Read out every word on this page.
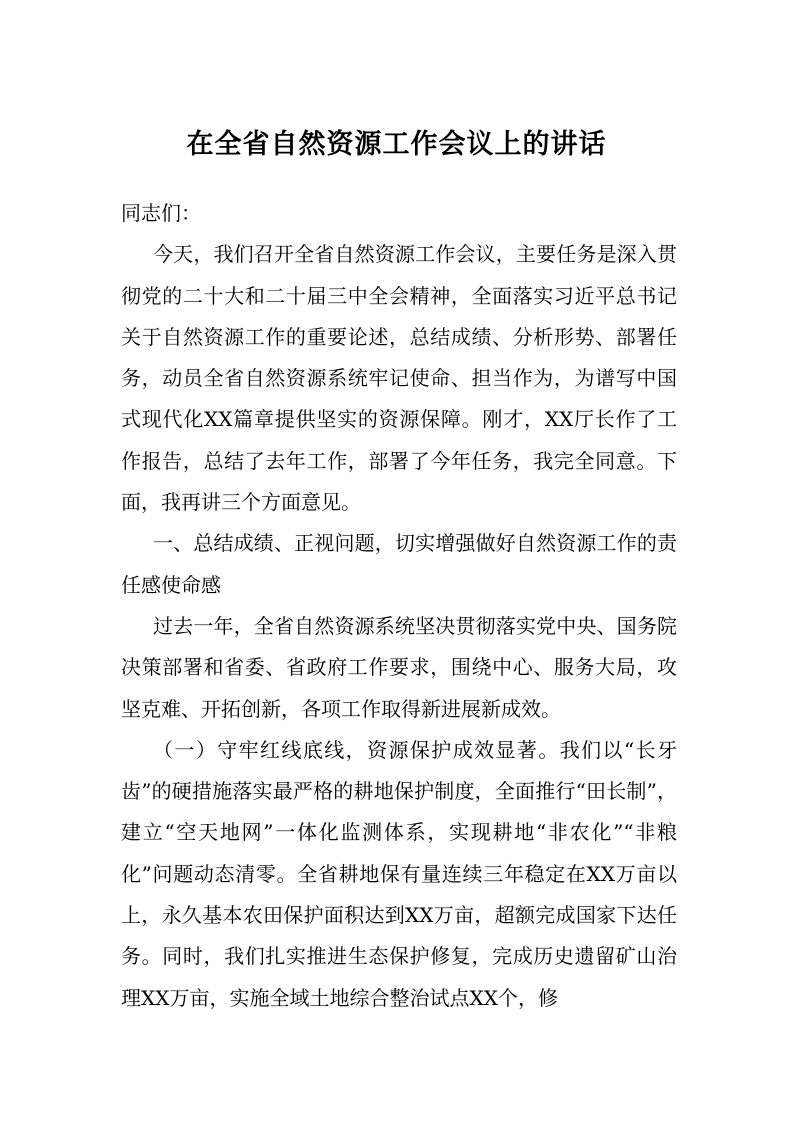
在全省自然资源工作会议上的讲话

同志们：

今天，我们召开全省自然资源工作会议，主要任务是深入贯彻党的二十大和二十届三中全会精神，全面落实习近平总书记关于自然资源工作的重要论述，总结成绩、分析形势、部署任务，动员全省自然资源系统牢记使命、担当作为，为谱写中国式现代化XX篇章提供坚实的资源保障。刚才，XX厅长作了工作报告，总结了去年工作，部署了今年任务，我完全同意。下面，我再讲三个方面意见。

一、总结成绩、正视问题，切实增强做好自然资源工作的责任感使命感

过去一年，全省自然资源系统坚决贯彻落实党中央、国务院决策部署和省委、省政府工作要求，围绕中心、服务大局，攻坚克难、开拓创新，各项工作取得新进展新成效。

（一）守牢红线底线，资源保护成效显著。我们以“长牙齿”的硬措施落实最严格的耕地保护制度，全面推行“田长制”，建立“空天地网”一体化监测体系，实现耕地“非农化”“非粮化”问题动态清零。全省耕地保有量连续三年稳定在XX万亩以上，永久基本农田保护面积达到XX万亩，超额完成国家下达任务。同时，我们扎实推进生态保护修复，完成历史遗留矿山治理XX万亩，实施全域土地综合整治试点XX个，修
